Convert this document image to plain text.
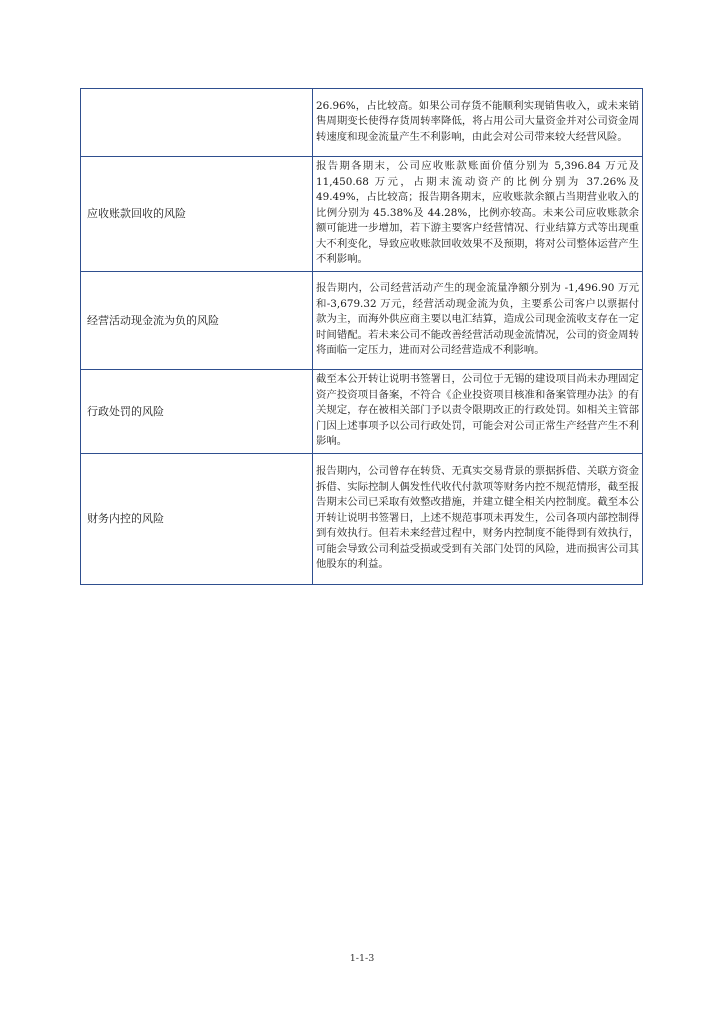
	26.96%，占比较高。如果公司存货不能顺利实现销售收入，或未来销售周期变长使得存货周转率降低，将占用公司大量资金并对公司资金周转速度和现金流量产生不利影响，由此会对公司带来较大经营风险。
应收账款回收的风险	报告期各期末，公司应收账款账面价值分别为 5,396.84 万元及 11,450.68 万元，占期末流动资产的比例分别为 37.26%及 49.49%，占比较高；报告期各期末，应收账款余额占当期营业收入的比例分别为 45.38%及 44.28%，比例亦较高。未来公司应收账款余额可能进一步增加，若下游主要客户经营情况、行业结算方式等出现重大不利变化，导致应收账款回收效果不及预期，将对公司整体运营产生不利影响。
经营活动现金流为负的风险	报告期内，公司经营活动产生的现金流量净额分别为 -1,496.90 万元和-3,679.32 万元，经营活动现金流为负，主要系公司客户以票据付款为主，而海外供应商主要以电汇结算，造成公司现金流收支存在一定时间错配。若未来公司不能改善经营活动现金流情况，公司的资金周转将面临一定压力，进而对公司经营造成不利影响。
行政处罚的风险	截至本公开转让说明书签署日，公司位于无锡的建设项目尚未办理固定资产投资项目备案，不符合《企业投资项目核准和备案管理办法》的有关规定，存在被相关部门予以责令限期改正的行政处罚。如相关主管部门因上述事项予以公司行政处罚，可能会对公司正常生产经营产生不利影响。
财务内控的风险	报告期内，公司曾存在转贷、无真实交易背景的票据拆借、关联方资金拆借、实际控制人偶发性代收代付款项等财务内控不规范情形，截至报告期末公司已采取有效整改措施，并建立健全相关内控制度。截至本公开转让说明书签署日，上述不规范事项未再发生，公司各项内部控制得到有效执行。但若未来经营过程中，财务内控制度不能得到有效执行，可能会导致公司利益受损或受到有关部门处罚的风险，进而损害公司其他股东的利益。
1-1-3
